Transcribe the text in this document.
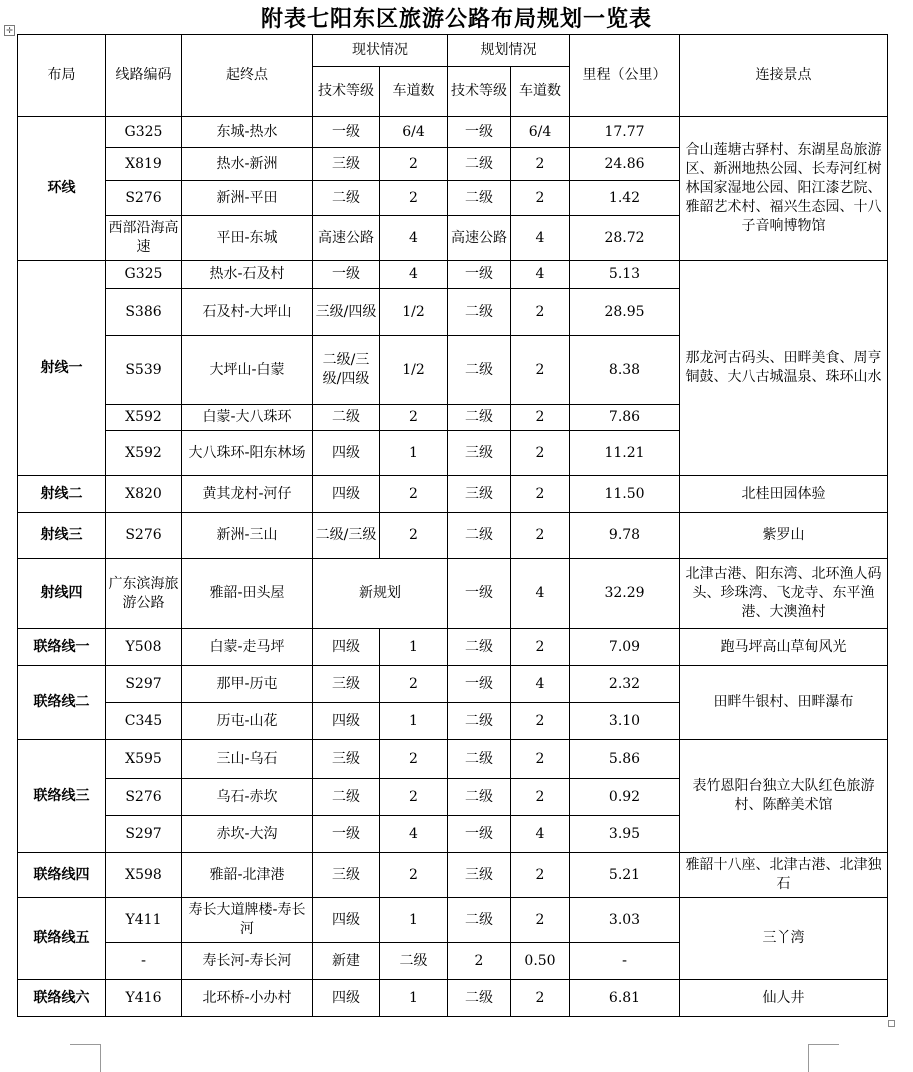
附表七阳东区旅游公路布局规划一览表
✛
布局	线路编码	起终点	现状情况		规划情况		里程（公里）	连接景点
			技术等级	车道数	技术等级	车道数		
环线	G325	东城-热水	一级	6/4	一级	6/4	17.77	合山莲塘古驿村、东湖星岛旅游区、新洲地热公园、长寿河红树林国家湿地公园、阳江漆艺院、雅韶艺术村、福兴生态园、十八子音响博物馆
	X819	热水-新洲	三级	2	二级	2	24.86	
	S276	新洲-平田	二级	2	二级	2	1.42	
	西部沿海高速	平田-东城	高速公路	4	高速公路	4	28.72	
射线一	G325	热水-石及村	一级	4	一级	4	5.13	那龙河古码头、田畔美食、周亨铜鼓、大八古城温泉、珠环山水
	S386	石及村-大坪山	三级/四级	1/2	二级	2	28.95	
	S539	大坪山-白蒙	二级/三级/四级	1/2	二级	2	8.38	
	X592	白蒙-大八珠环	二级	2	二级	2	7.86	
	X592	大八珠环-阳东林场	四级	1	三级	2	11.21	
射线二	X820	黄其龙村-河仔	四级	2	三级	2	11.50	北桂田园体验
射线三	S276	新洲-三山	二级/三级	2	二级	2	9.78	紫罗山
射线四	广东滨海旅游公路	雅韶-田头屋	新规划		一级	4	32.29	北津古港、阳东湾、北环渔人码头、珍珠湾、飞龙寺、东平渔港、大澳渔村
联络线一	Y508	白蒙-走马坪	四级	1	二级	2	7.09	跑马坪高山草甸风光
联络线二	S297	那甲-历屯	三级	2	一级	4	2.32	田畔牛银村、田畔瀑布
	C345	历屯-山花	四级	1	二级	2	3.10	
联络线三	X595	三山-乌石	三级	2	二级	2	5.86	表竹恩阳台独立大队红色旅游村、陈醉美术馆
	S276	乌石-赤坎	二级	2	二级	2	0.92	
	S297	赤坎-大沟	一级	4	一级	4	3.95	
联络线四	X598	雅韶-北津港	三级	2	三级	2	5.21	雅韶十八座、北津古港、北津独石
联络线五	Y411	寿长大道牌楼-寿长河	四级	1	二级	2	3.03	三丫湾
	-	寿长河-寿长河	新建	二级	2	0.50	-	
联络线六	Y416	北环桥-小办村	四级	1	二级	2	6.81	仙人井
